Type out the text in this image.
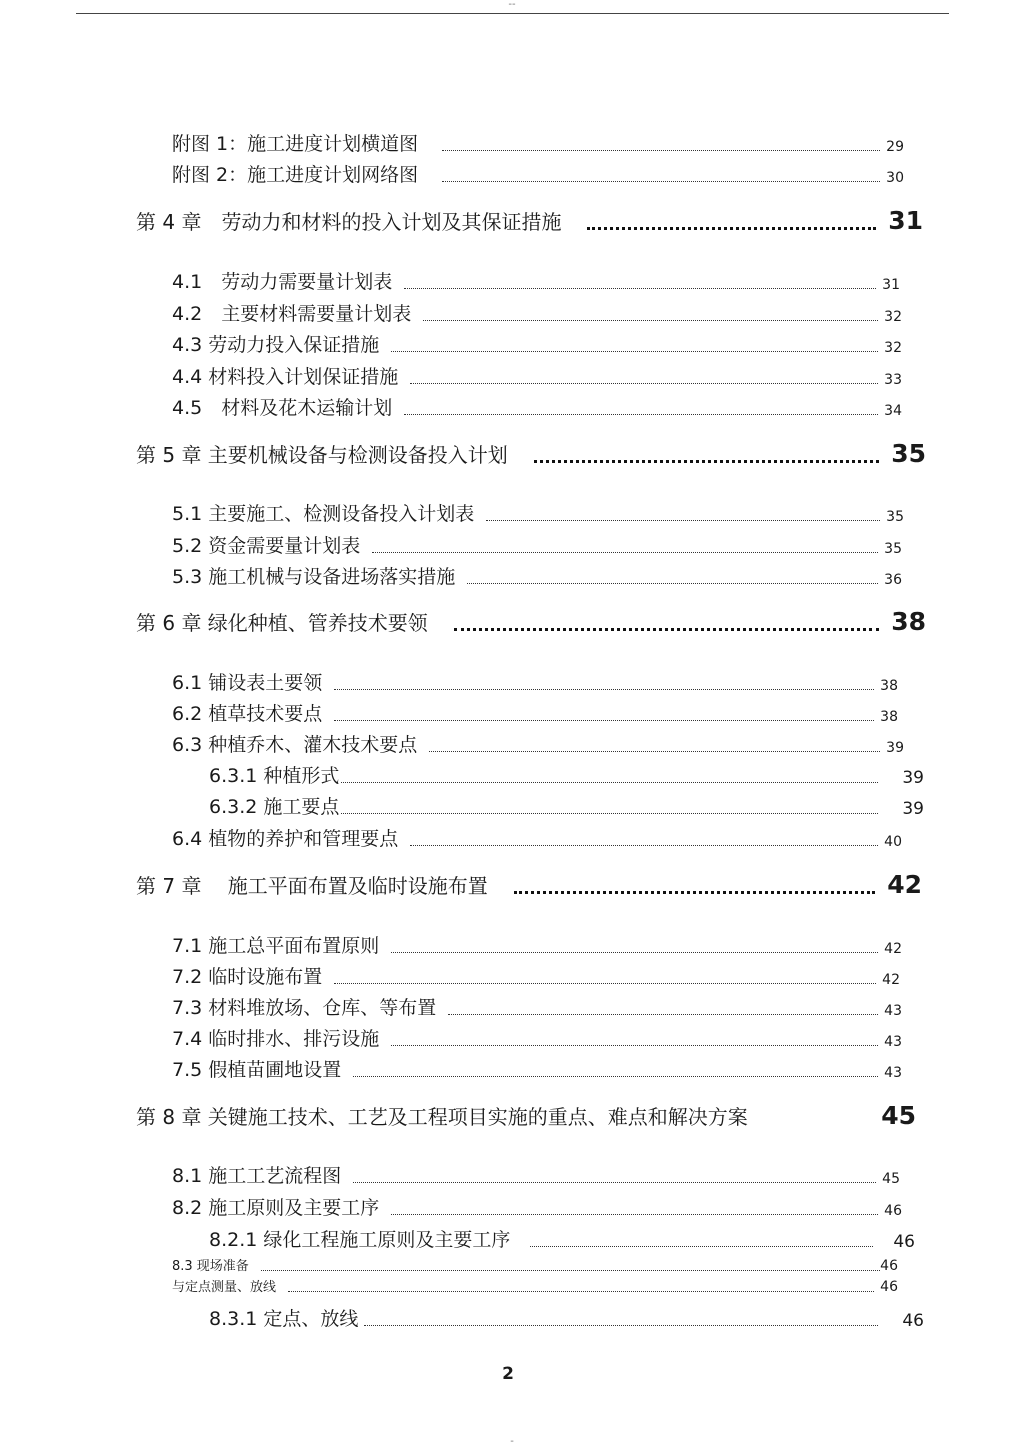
--
附图 1：施工进度计划横道图	29
附图 2：施工进度计划网络图	30
第 4 章　劳动力和材料的投入计划及其保证措施	31
4.1　劳动力需要量计划表	31
4.2　主要材料需要量计划表	32
4.3 劳动力投入保证措施	32
4.4 材料投入计划保证措施	33
4.5　材料及花木运输计划	34
第 5 章 主要机械设备与检测设备投入计划	35
5.1 主要施工、检测设备投入计划表	35
5.2 资金需要量计划表	35
5.3 施工机械与设备进场落实措施	36
第 6 章 绿化种植、管养技术要领	38
6.1 铺设表土要领	38
6.2 植草技术要点	38
6.3 种植乔木、灌木技术要点	39
6.3.1 种植形式	39
6.3.2 施工要点	39
6.4 植物的养护和管理要点	40
第 7 章　 施工平面布置及临时设施布置	42
7.1 施工总平面布置原则	42
7.2 临时设施布置	42
7.3 材料堆放场、仓库、等布置	43
7.4 临时排水、排污设施	43
7.5 假植苗圃地设置	43
第 8 章 关键施工技术、工艺及工程项目实施的重点、难点和解决方案	45
8.1 施工工艺流程图	45
8.2 施工原则及主要工序	46
8.2.1 绿化工程施工原则及主要工序	46
8.3 现场准备	46
与定点测量、放线	46
8.3.1 定点、放线	46
2
-
